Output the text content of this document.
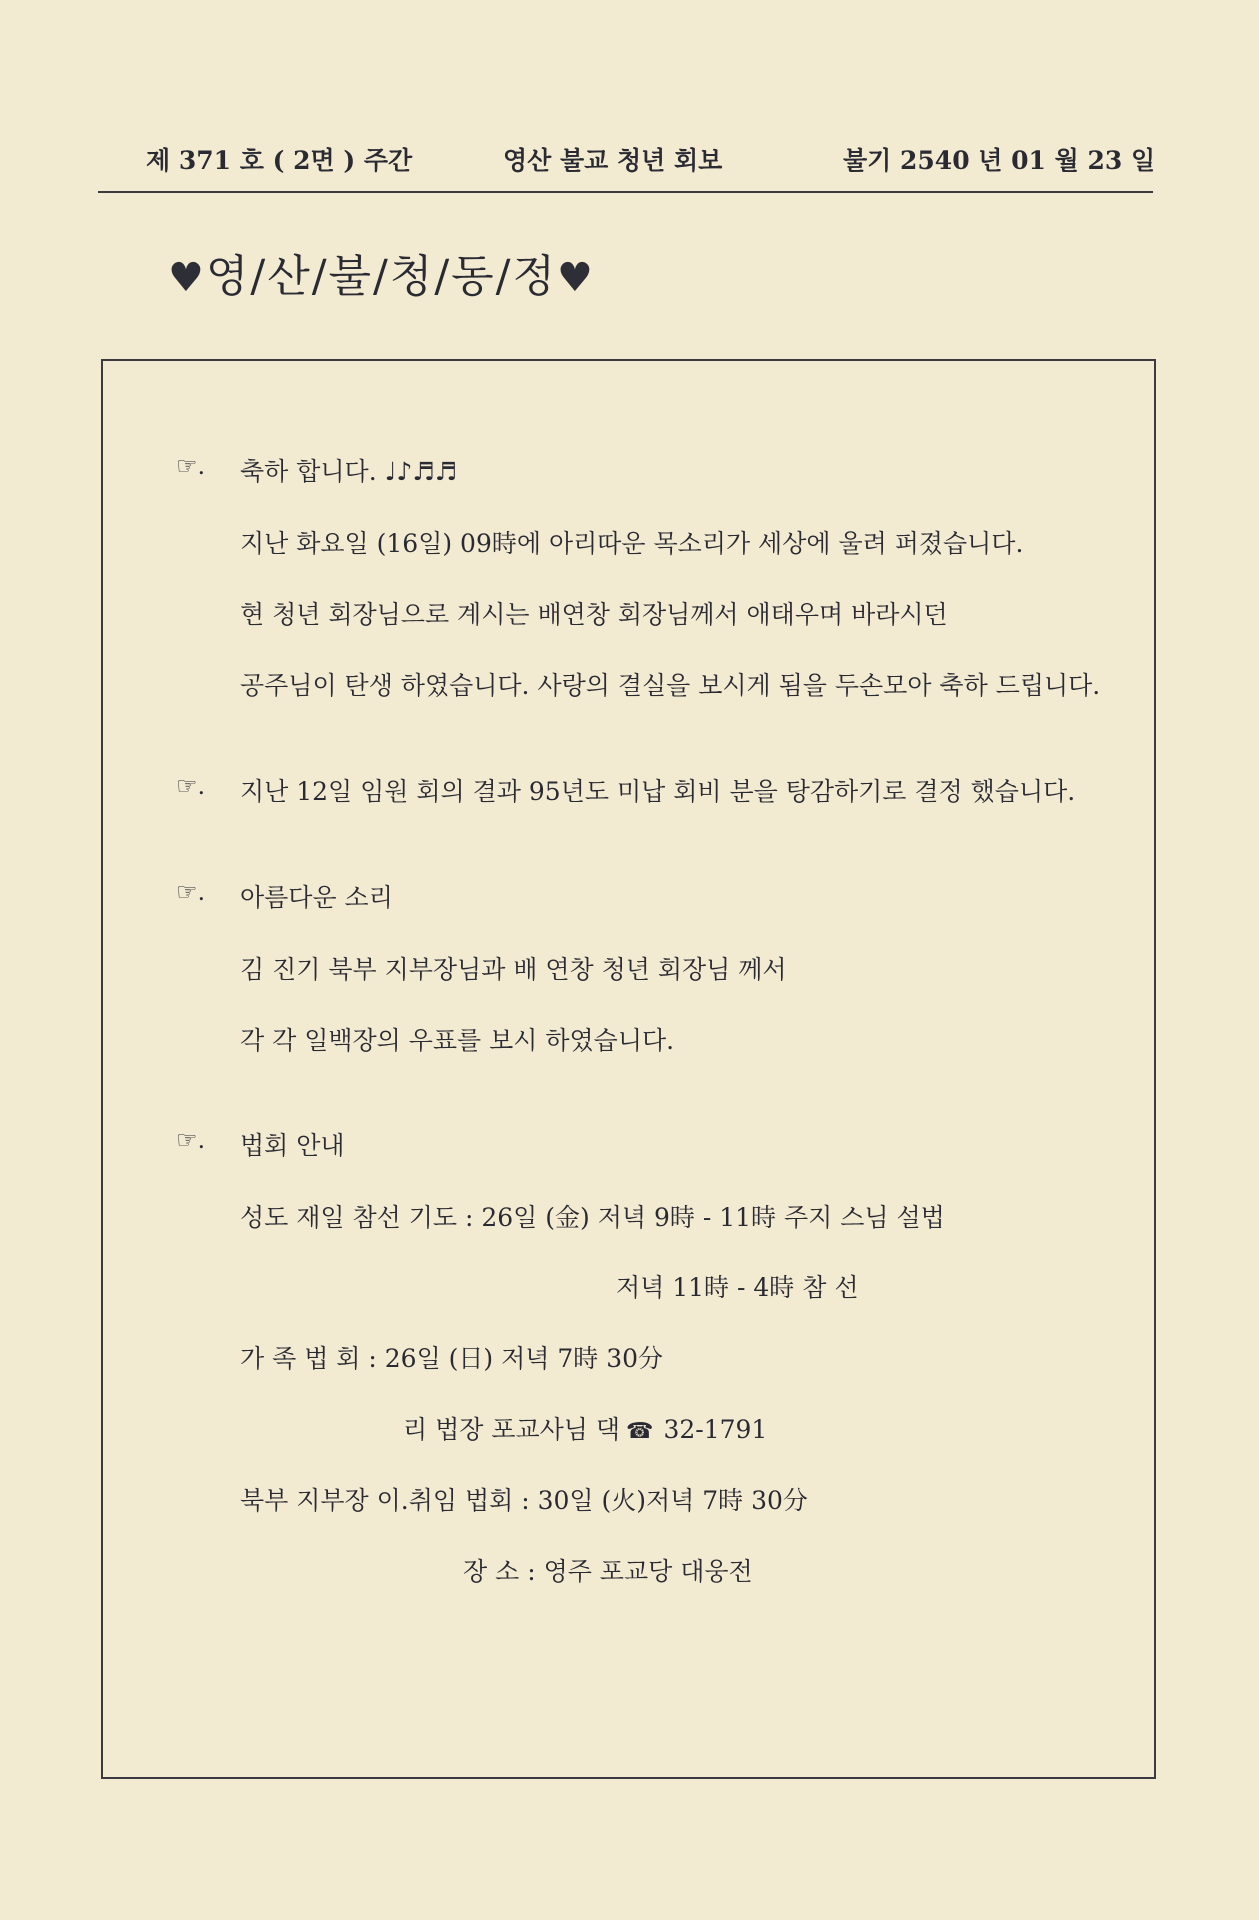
제 371 호 ( 2면 ) 주간	영산 불교 청년 회보	불기 2540 년 01 월 23 일
♥영/산/불/청/동/정♥
☞. 축하 합니다. ♩♪♬♬
지난 화요일 (16일) 09時에 아리따운 목소리가 세상에 울려 퍼졌습니다.
현 청년 회장님으로 계시는 배연창 회장님께서 애태우며 바라시던
공주님이 탄생 하였습니다. 사랑의 결실을 보시게 됨을 두손모아 축하 드립니다.
☞. 지난 12일 임원 회의 결과 95년도 미납 회비 분을 탕감하기로 결정 했습니다.
☞. 아름다운 소리
김 진기 북부 지부장님과 배 연창 청년 회장님 께서
각 각 일백장의 우표를 보시 하였습니다.
☞. 법회 안내
성도 재일 참선 기도 : 26일 (金) 저녁 9時 - 11時 주지 스님 설법
저녁 11時 - 4時 참 선
가 족 법 회 : 26일 (日) 저녁 7時 30分
리 법장 포교사님 댁 ☎ 32-1791
북부 지부장 이.취임 법회 : 30일 (火)저녁 7時 30分
장 소 : 영주 포교당 대웅전
